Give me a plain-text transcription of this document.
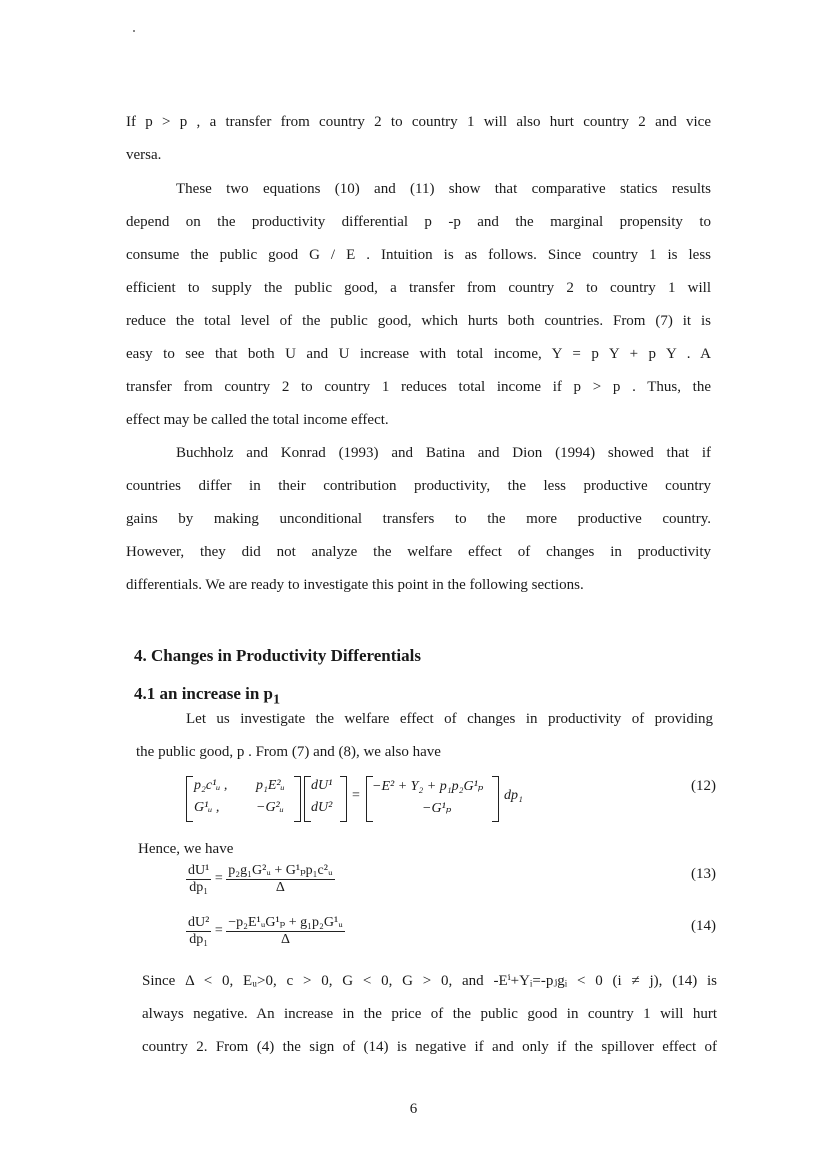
If p > p , a transfer from country 2 to country 1 will also hurt country 2 and vice
versa.
These two equations (10) and (11) show that comparative statics results
depend on the productivity differential p -p and the marginal propensity to
consume the public good G / E . Intuition is as follows. Since country 1 is less
efficient to supply the public good, a transfer from country 2 to country 1 will
reduce the total level of the public good, which hurts both countries. From (7) it is
easy to see that both U and U increase with total income, Y = p Y + p Y . A
transfer from country 2 to country 1 reduces total income if p > p . Thus, the
effect may be called the total income effect.
Buchholz and Konrad (1993) and Batina and Dion (1994) showed that if
countries differ in their contribution productivity, the less productive country
gains by making unconditional transfers to the more productive country.
However, they did not analyze the welfare effect of changes in productivity
differentials. We are ready to investigate this point in the following sections.
4. Changes in Productivity Differentials
4.1 an increase in $p_1$
Let us investigate the welfare effect of changes in productivity of providing
the public good, p . From (7) and (8), we also have
p₂c¹ᵤ , p₁E²ᵤ
G¹ᵤ ,	−G²ᵤ
dU¹
dU²
=
−E² + Y₂ + p₁p₂G¹ₚ
−G¹ₚ
dp₁
(12)

Hence, we have

$\frac{\text{dU¹}}{\text{dp₁}} = \frac{\text{p₂g₁G²ᵤ + G¹ₚp₁c²ᵤ}}{\Delta}$	(13)
$\frac{\text{dU²}}{\text{dp₁}} = \frac{\text{−p₂E¹ᵤG¹ₚ + g₁p₂G¹ᵤ}}{\Delta}$	(14)
Since Δ < 0, Eᵤ>0, c > 0, G < 0, G > 0, and -Eⁱ+Yᵢ=-pⱼgᵢ < 0 (i ≠ j), (14) is
always negative. An increase in the price of the public good in country 1 will hurt
country 2. From (4) the sign of (14) is negative if and only if the spillover effect of
6
